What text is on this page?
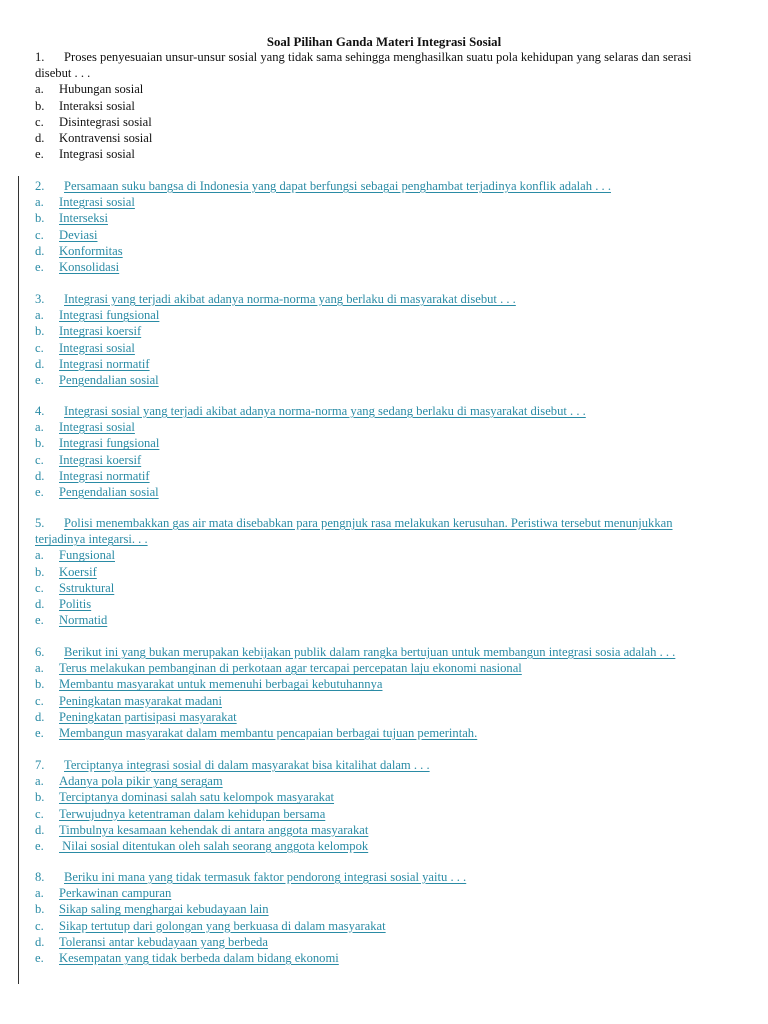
Soal Pilihan Ganda Materi Integrasi Sosial
1. Proses penyesuaian unsur-unsur sosial yang tidak sama sehingga menghasilkan suatu pola kehidupan yang selaras dan serasi
disebut . . .
a. Hubungan sosial
b. Interaksi sosial
c. Disintegrasi sosial
d. Kontravensi sosial
e. Integrasi sosial
2. Persamaan suku bangsa di Indonesia yang dapat berfungsi sebagai penghambat terjadinya konflik adalah . . .
a. Integrasi sosial
b. Interseksi
c. Deviasi
d. Konformitas
e. Konsolidasi
3. Integrasi yang terjadi akibat adanya norma-norma yang berlaku di masyarakat disebut . . .
a. Integrasi fungsional
b. Integrasi koersif
c. Integrasi sosial
d. Integrasi normatif
e. Pengendalian sosial
4. Integrasi sosial yang terjadi akibat adanya norma-norma yang sedang berlaku di masyarakat disebut . . .
a. Integrasi sosial
b. Integrasi fungsional
c. Integrasi koersif
d. Integrasi normatif
e. Pengendalian sosial
5. Polisi menembakkan gas air mata disebabkan para pengnjuk rasa melakukan kerusuhan. Peristiwa tersebut menunjukkan
terjadinya integarsi. . .
a. Fungsional
b. Koersif
c. Sstruktural
d. Politis
e. Normatid
6. Berikut ini yang bukan merupakan kebijakan publik dalam rangka bertujuan untuk membangun integrasi sosia adalah . . .
a. Terus melakukan pembanginan di perkotaan agar tercapai percepatan laju ekonomi nasional
b. Membantu masyarakat untuk memenuhi berbagai kebutuhannya
c. Peningkatan masyarakat madani
d. Peningkatan partisipasi masyarakat
e. Membangun masyarakat dalam membantu pencapaian berbagai tujuan pemerintah.
7. Terciptanya integrasi sosial di dalam masyarakat bisa kitalihat dalam . . .
a. Adanya pola pikir yang seragam
b. Terciptanya dominasi salah satu kelompok masyarakat
c. Terwujudnya ketentraman dalam kehidupan bersama
d. Timbulnya kesamaan kehendak di antara anggota masyarakat
e. Nilai sosial ditentukan oleh salah seorang anggota kelompok
8. Beriku ini mana yang tidak termasuk faktor pendorong integrasi sosial yaitu . . .
a. Perkawinan campuran
b. Sikap saling menghargai kebudayaan lain
c. Sikap tertutup dari golongan yang berkuasa di dalam masyarakat
d. Toleransi antar kebudayaan yang berbeda
e. Kesempatan yang tidak berbeda dalam bidang ekonomi
